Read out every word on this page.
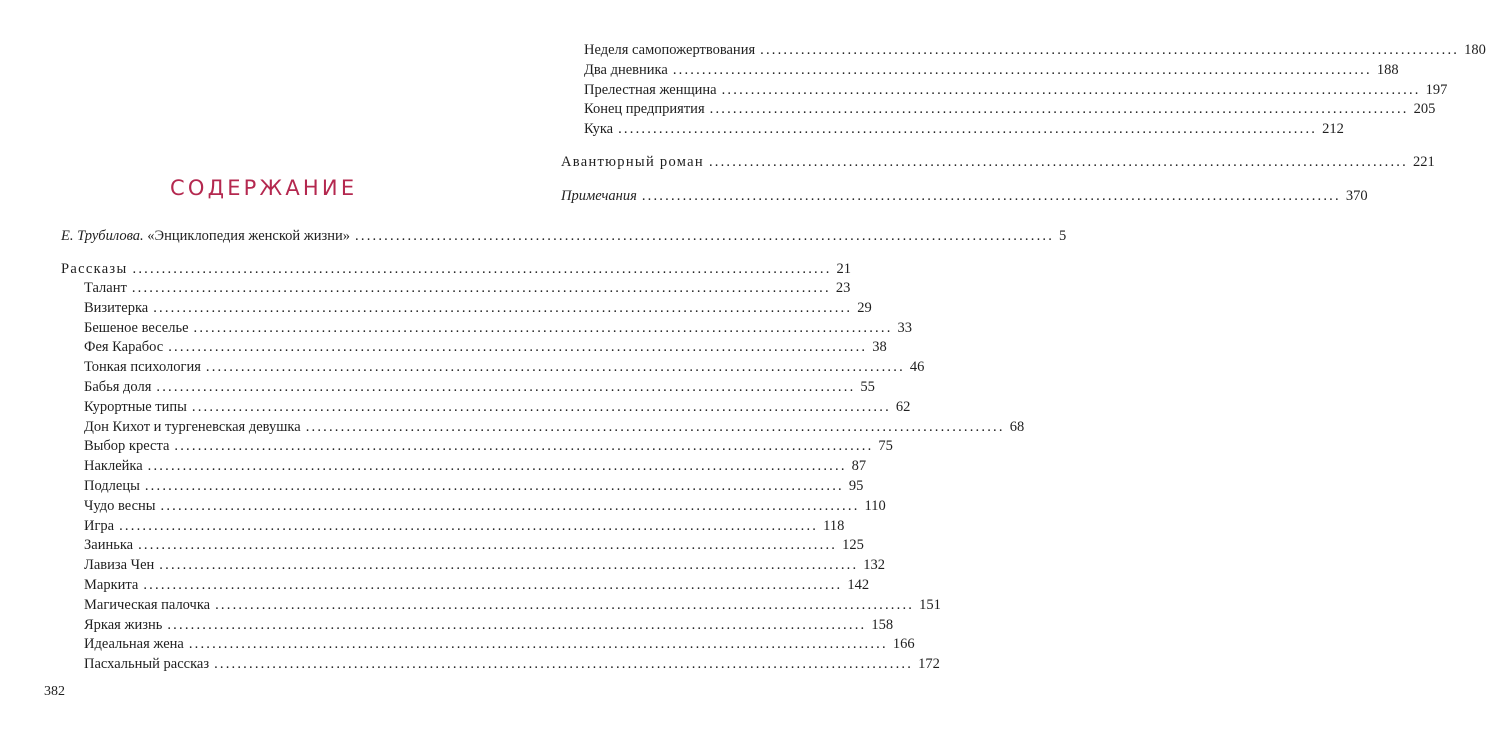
СОДЕРЖАНИЕ
Е. Трубилова. «Энциклопедия женской жизни» ........................................................................................................................ 5
Рассказы ........................................................................................................................ 21
Талант ........................................................................................................................ 23
Визитерка ........................................................................................................................ 29
Бешеное веселье ........................................................................................................................ 33
Фея Карабос ........................................................................................................................ 38
Тонкая психология ........................................................................................................................ 46
Бабья доля ........................................................................................................................ 55
Курортные типы ........................................................................................................................ 62
Дон Кихот и тургеневская девушка ........................................................................................................................ 68
Выбор креста ........................................................................................................................ 75
Наклейка ........................................................................................................................ 87
Подлецы ........................................................................................................................ 95
Чудо весны ........................................................................................................................ 110
Игра ........................................................................................................................ 118
Заинька ........................................................................................................................ 125
Лавиза Чен ........................................................................................................................ 132
Маркита ........................................................................................................................ 142
Магическая палочка ........................................................................................................................ 151
Яркая жизнь ........................................................................................................................ 158
Идеальная жена ........................................................................................................................ 166
Пасхальный рассказ ........................................................................................................................ 172
382
Неделя самопожертвования ........................................................................................................................ 180
Два дневника ........................................................................................................................ 188
Прелестная женщина ........................................................................................................................ 197
Конец предприятия ........................................................................................................................ 205
Кука ........................................................................................................................ 212
Авантюрный роман ........................................................................................................................ 221
Примечания ........................................................................................................................ 370
